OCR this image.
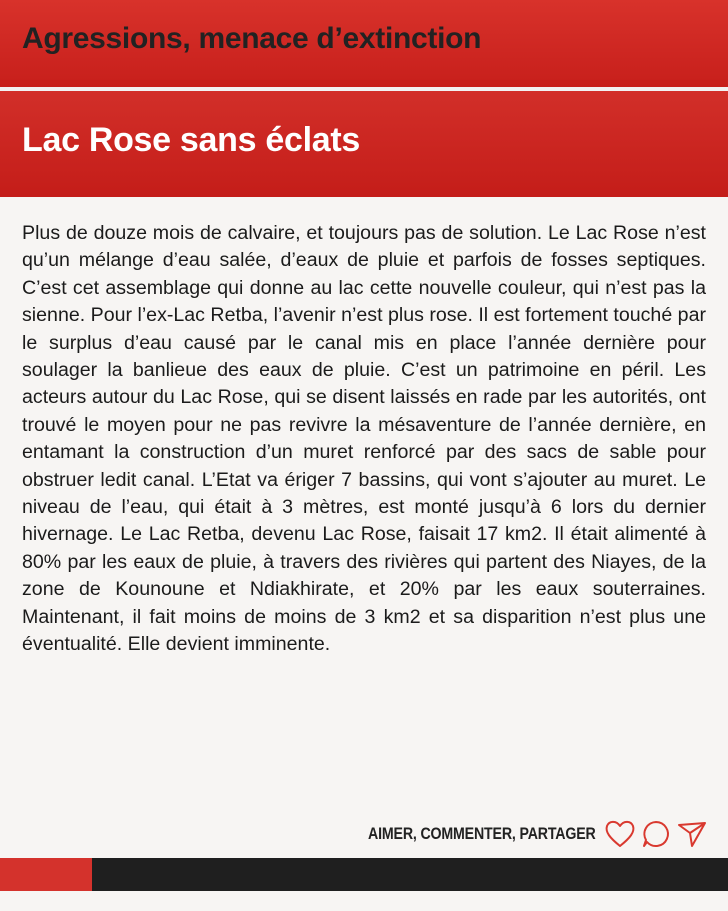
Agressions, menace d’extinction
Lac Rose sans éclats

Plus de douze mois de calvaire, et toujours pas de solution. Le Lac Rose n’est qu’un mélange d’eau salée, d’eaux de pluie et parfois de fosses septiques. C’est cet assemblage qui donne au lac cette nouvelle couleur, qui n’est pas la sienne. Pour l’ex-Lac Retba, l’avenir n’est plus rose. Il est fortement touché par le surplus d’eau causé par le canal mis en place l’année dernière pour soulager la banlieue des eaux de pluie. C’est un patrimoine en péril. Les acteurs autour du Lac Rose, qui se disent laissés en rade par les autorités, ont trouvé le moyen pour ne pas revivre la mésaventure de l’année dernière, en entamant la construction d’un muret renforcé par des sacs de sable pour obstruer ledit canal. L’Etat va ériger 7 bassins, qui vont s’ajouter au muret. Le niveau de l’eau, qui était à 3 mètres, est monté jusqu’à 6 lors du dernier hivernage. Le Lac Retba, devenu Lac Rose, faisait 17 km2. Il était alimenté à 80% par les eaux de pluie, à travers des rivières qui partent des Niayes, de la zone de Kounoune et Ndiakhirate, et 20% par les eaux souterraines. Maintenant, il fait moins de moins de 3 km2 et sa disparition n’est plus une éventualité. Elle devient imminente.

AIMER, COMMENTER, PARTAGER
